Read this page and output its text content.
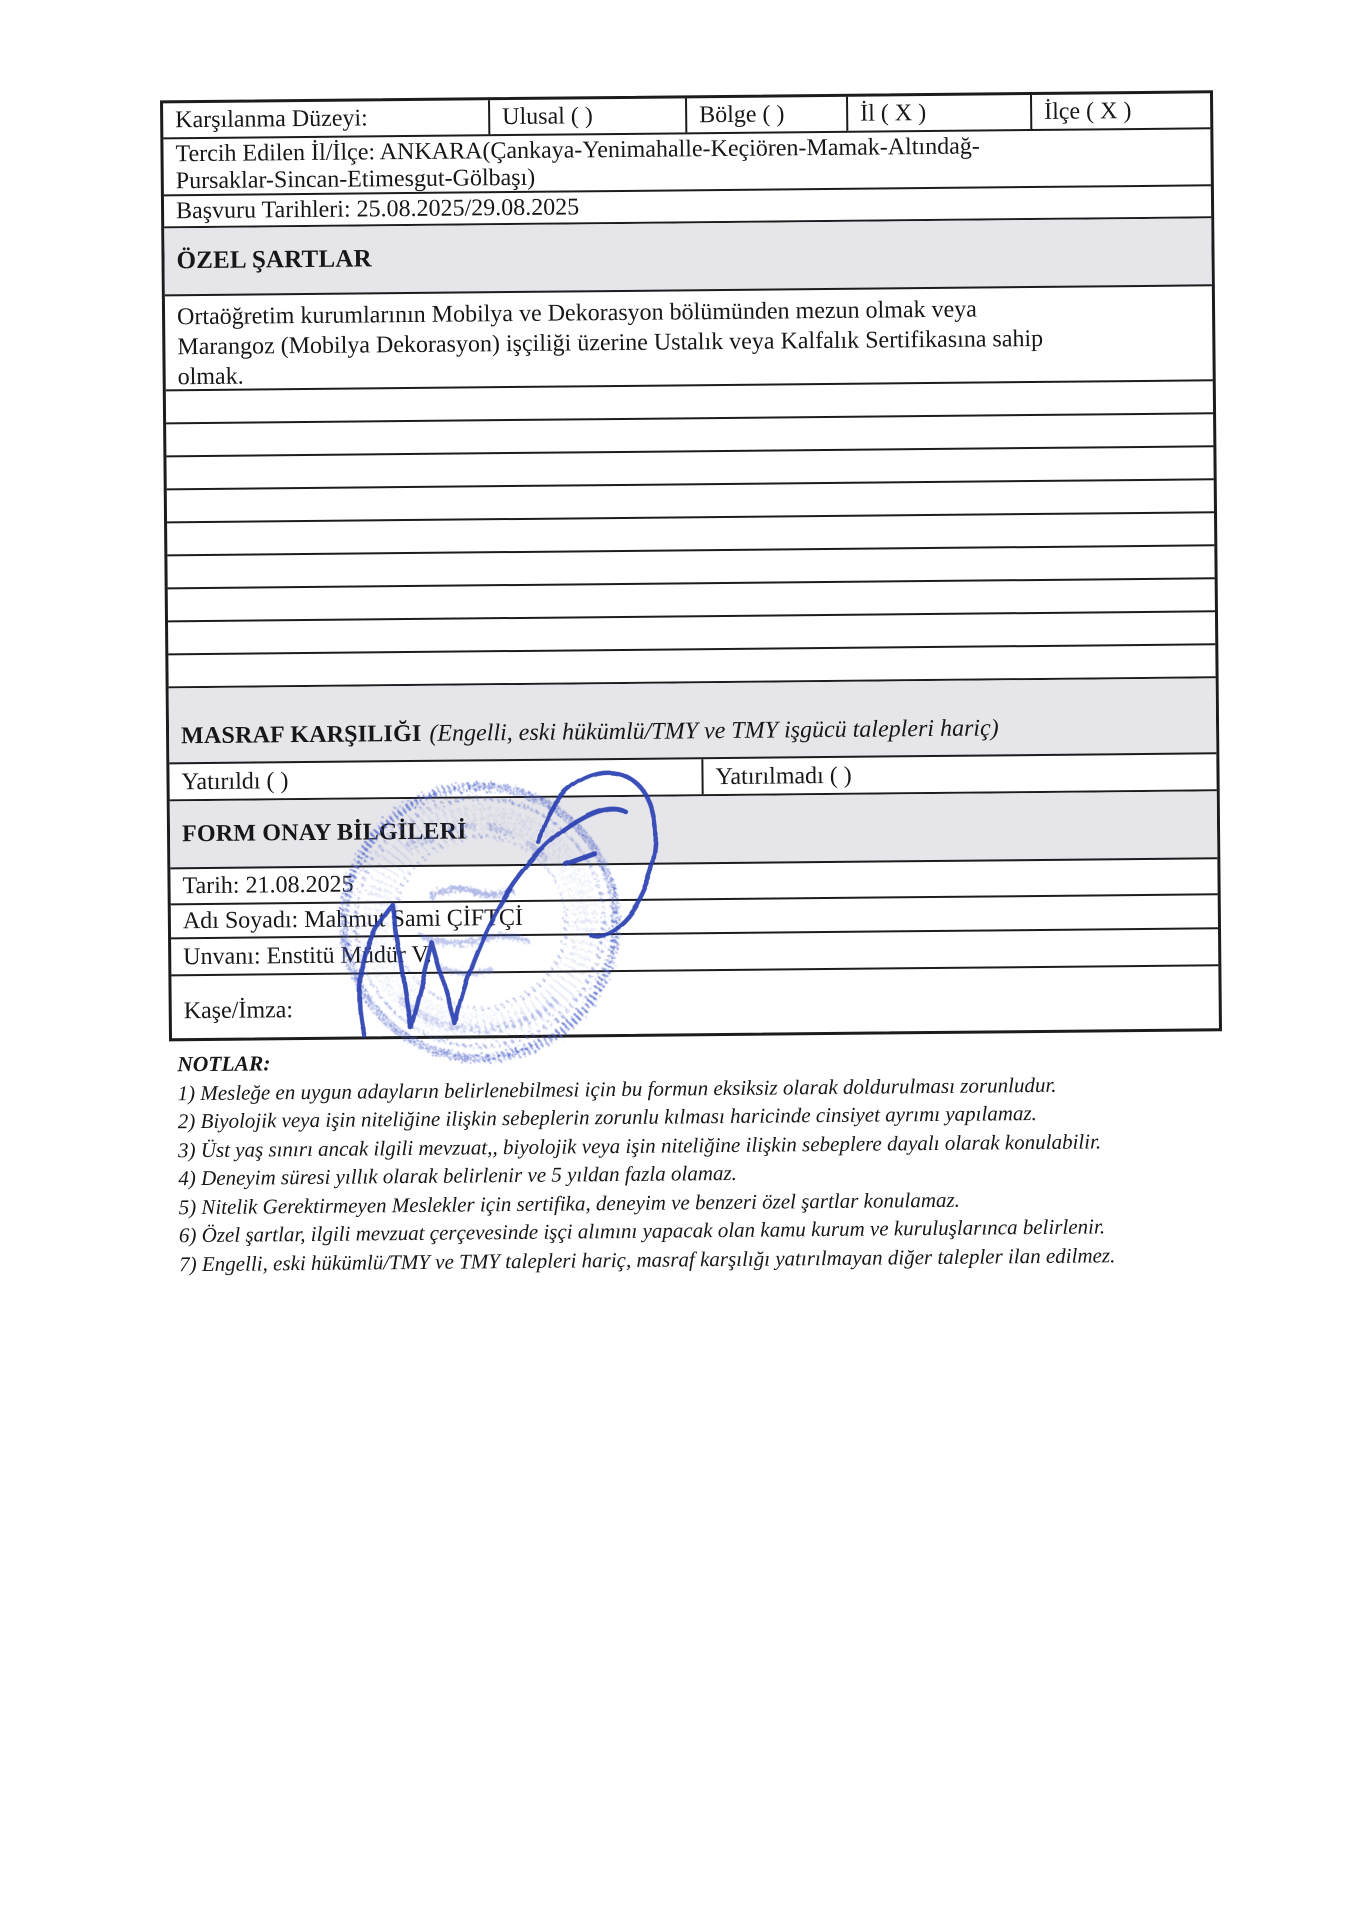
Karşılanma Düzeyi:	Ulusal ( )	Bölge ( )	İl ( X )	İlçe ( X )
Tercih Edilen İl/İlçe: ANKARA(Çankaya-Yenimahalle-Keçiören-Mamak-Altındağ-
Pursaklar-Sincan-Etimesgut-Gölbaşı)
Başvuru Tarihleri: 25.08.2025/29.08.2025
ÖZEL ŞARTLAR
Ortaöğretim kurumlarının Mobilya ve Dekorasyon bölümünden mezun olmak veya
Marangoz (Mobilya Dekorasyon) işçiliği üzerine Ustalık veya Kalfalık Sertifikasına sahip
olmak.
MASRAF KARŞILIĞI (Engelli, eski hükümlü/TMY ve TMY işgücü talepleri hariç)
Yatırıldı ( )	Yatırılmadı ( )
FORM ONAY BİLGİLERİ
Tarih: 21.08.2025
Adı Soyadı: Mahmut Sami ÇİFTÇİ
Unvanı: Enstitü Müdür V.
Kaşe/İmza:
NOTLAR:
1) Mesleğe en uygun adayların belirlenebilmesi için bu formun eksiksiz olarak doldurulması zorunludur.
2) Biyolojik veya işin niteliğine ilişkin sebeplerin zorunlu kılması haricinde cinsiyet ayrımı yapılamaz.
3) Üst yaş sınırı ancak ilgili mevzuat,, biyolojik veya işin niteliğine ilişkin sebeplere dayalı olarak konulabilir.
4) Deneyim süresi yıllık olarak belirlenir ve 5 yıldan fazla olamaz.
5) Nitelik Gerektirmeyen Meslekler için sertifika, deneyim ve benzeri özel şartlar konulamaz.
6) Özel şartlar, ilgili mevzuat çerçevesinde işçi alımını yapacak olan kamu kurum ve kuruluşlarınca belirlenir.
7) Engelli, eski hükümlü/TMY ve TMY talepleri hariç, masraf karşılığı yatırılmayan diğer talepler ilan edilmez.
